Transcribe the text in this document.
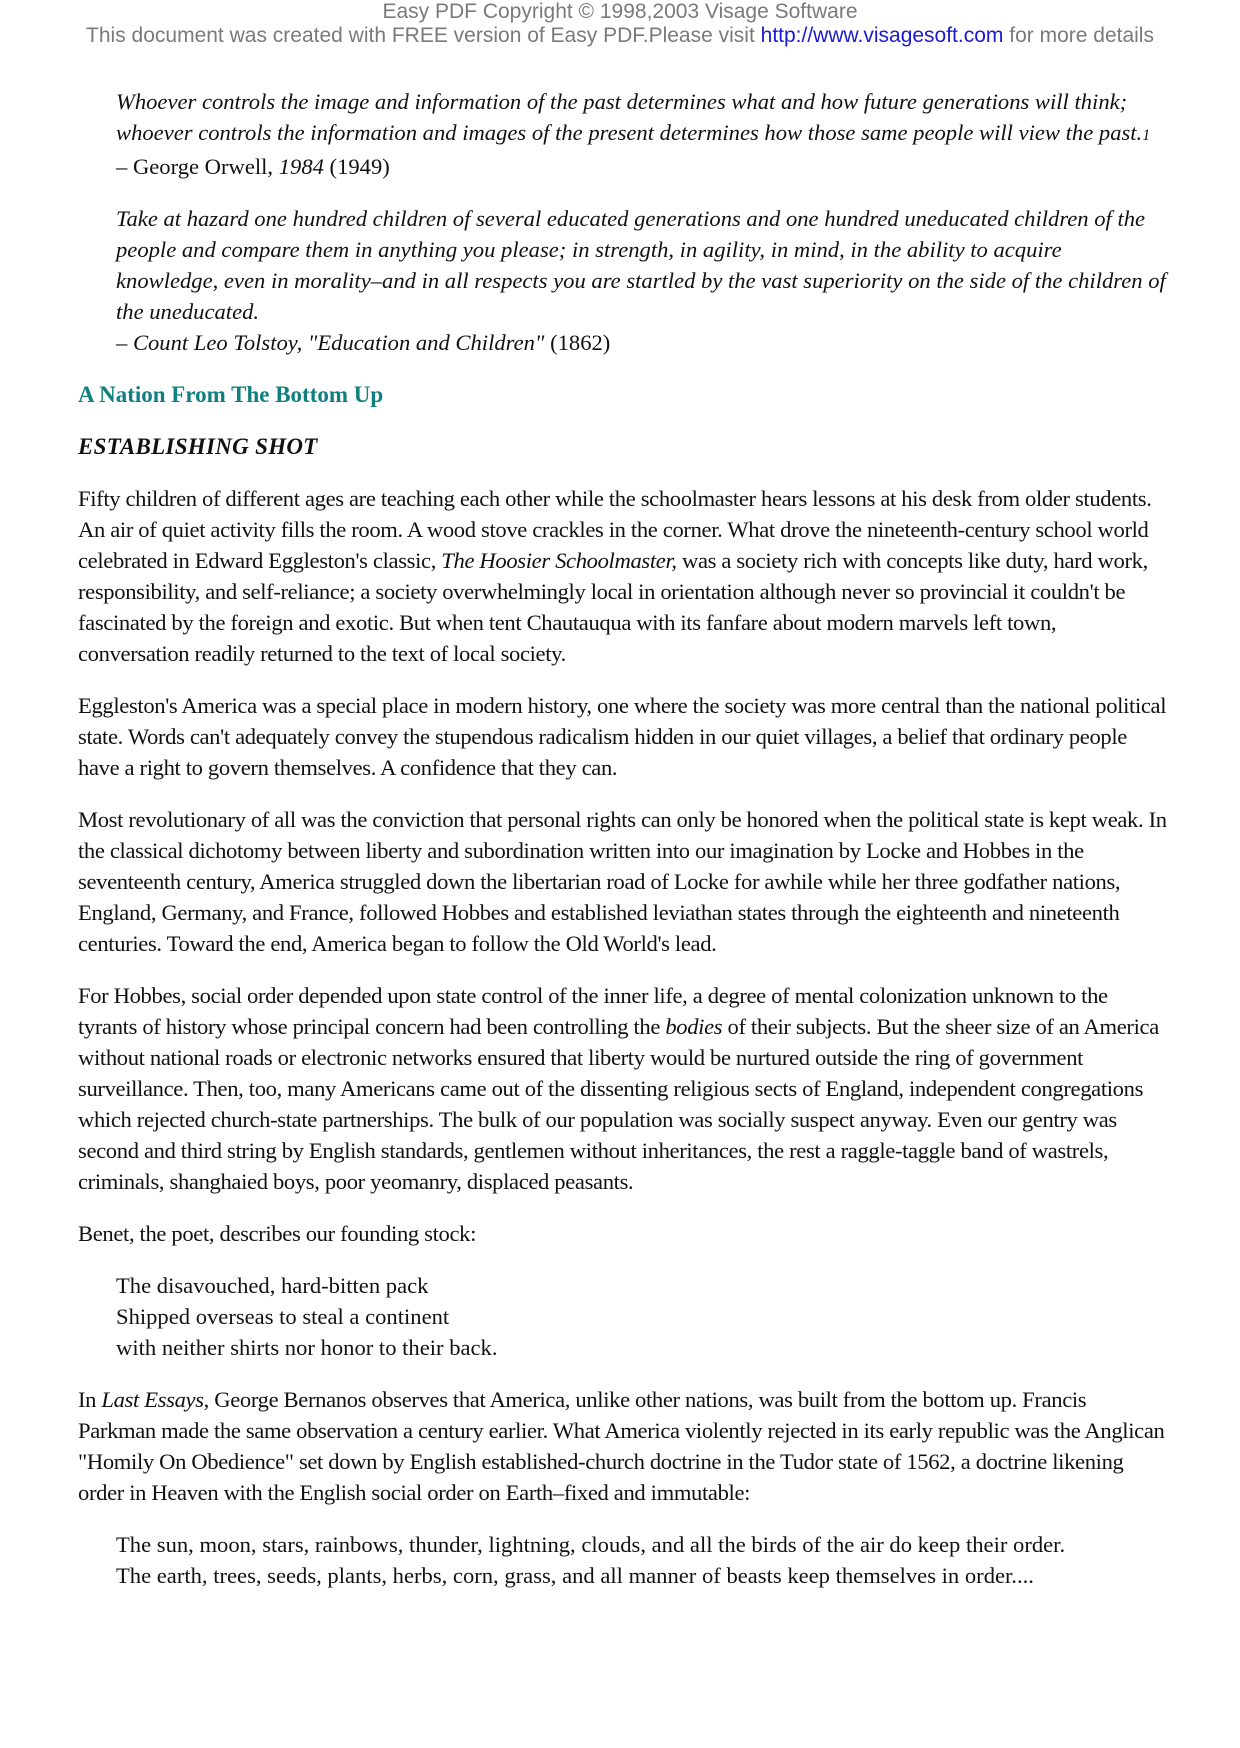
Easy PDF Copyright © 1998,2003 Visage Software
This document was created with FREE version of Easy PDF.Please visit http://www.visagesoft.com for more details
Whoever controls the image and information of the past determines what and how future generations will think; whoever controls the information and images of the present determines how those same people will view the past.1
– George Orwell, 1984 (1949)
Take at hazard one hundred children of several educated generations and one hundred uneducated children of the people and compare them in anything you please; in strength, in agility, in mind, in the ability to acquire knowledge, even in morality–and in all respects you are startled by the vast superiority on the side of the children of the uneducated.
– Count Leo Tolstoy, "Education and Children" (1862)
A Nation From The Bottom Up
ESTABLISHING SHOT

Fifty children of different ages are teaching each other while the schoolmaster hears lessons at his desk from older students. An air of quiet activity fills the room. A wood stove crackles in the corner. What drove the nineteenth-century school world celebrated in Edward Eggleston's classic, The Hoosier Schoolmaster, was a society rich with concepts like duty, hard work, responsibility, and self-reliance; a society overwhelmingly local in orientation although never so provincial it couldn't be fascinated by the foreign and exotic. But when tent Chautauqua with its fanfare about modern marvels left town, conversation readily returned to the text of local society.

Eggleston's America was a special place in modern history, one where the society was more central than the national political state. Words can't adequately convey the stupendous radicalism hidden in our quiet villages, a belief that ordinary people have a right to govern themselves. A confidence that they can.

Most revolutionary of all was the conviction that personal rights can only be honored when the political state is kept weak. In the classical dichotomy between liberty and subordination written into our imagination by Locke and Hobbes in the seventeenth century, America struggled down the libertarian road of Locke for awhile while her three godfather nations, England, Germany, and France, followed Hobbes and established leviathan states through the eighteenth and nineteenth centuries. Toward the end, America began to follow the Old World's lead.

For Hobbes, social order depended upon state control of the inner life, a degree of mental colonization unknown to the tyrants of history whose principal concern had been controlling the bodies of their subjects. But the sheer size of an America without national roads or electronic networks ensured that liberty would be nurtured outside the ring of government surveillance. Then, too, many Americans came out of the dissenting religious sects of England, independent congregations which rejected church-state partnerships. The bulk of our population was socially suspect anyway. Even our gentry was second and third string by English standards, gentlemen without inheritances, the rest a raggle-taggle band of wastrels, criminals, shanghaied boys, poor yeomanry, displaced peasants.

Benet, the poet, describes our founding stock:

The disavouched, hard-bitten pack
Shipped overseas to steal a continent
with neither shirts nor honor to their back.

In Last Essays, George Bernanos observes that America, unlike other nations, was built from the bottom up. Francis Parkman made the same observation a century earlier. What America violently rejected in its early republic was the Anglican "Homily On Obedience" set down by English established-church doctrine in the Tudor state of 1562, a doctrine likening order in Heaven with the English social order on Earth–fixed and immutable:

The sun, moon, stars, rainbows, thunder, lightning, clouds, and all the birds of the air do keep their order.
The earth, trees, seeds, plants, herbs, corn, grass, and all manner of beasts keep themselves in order....
